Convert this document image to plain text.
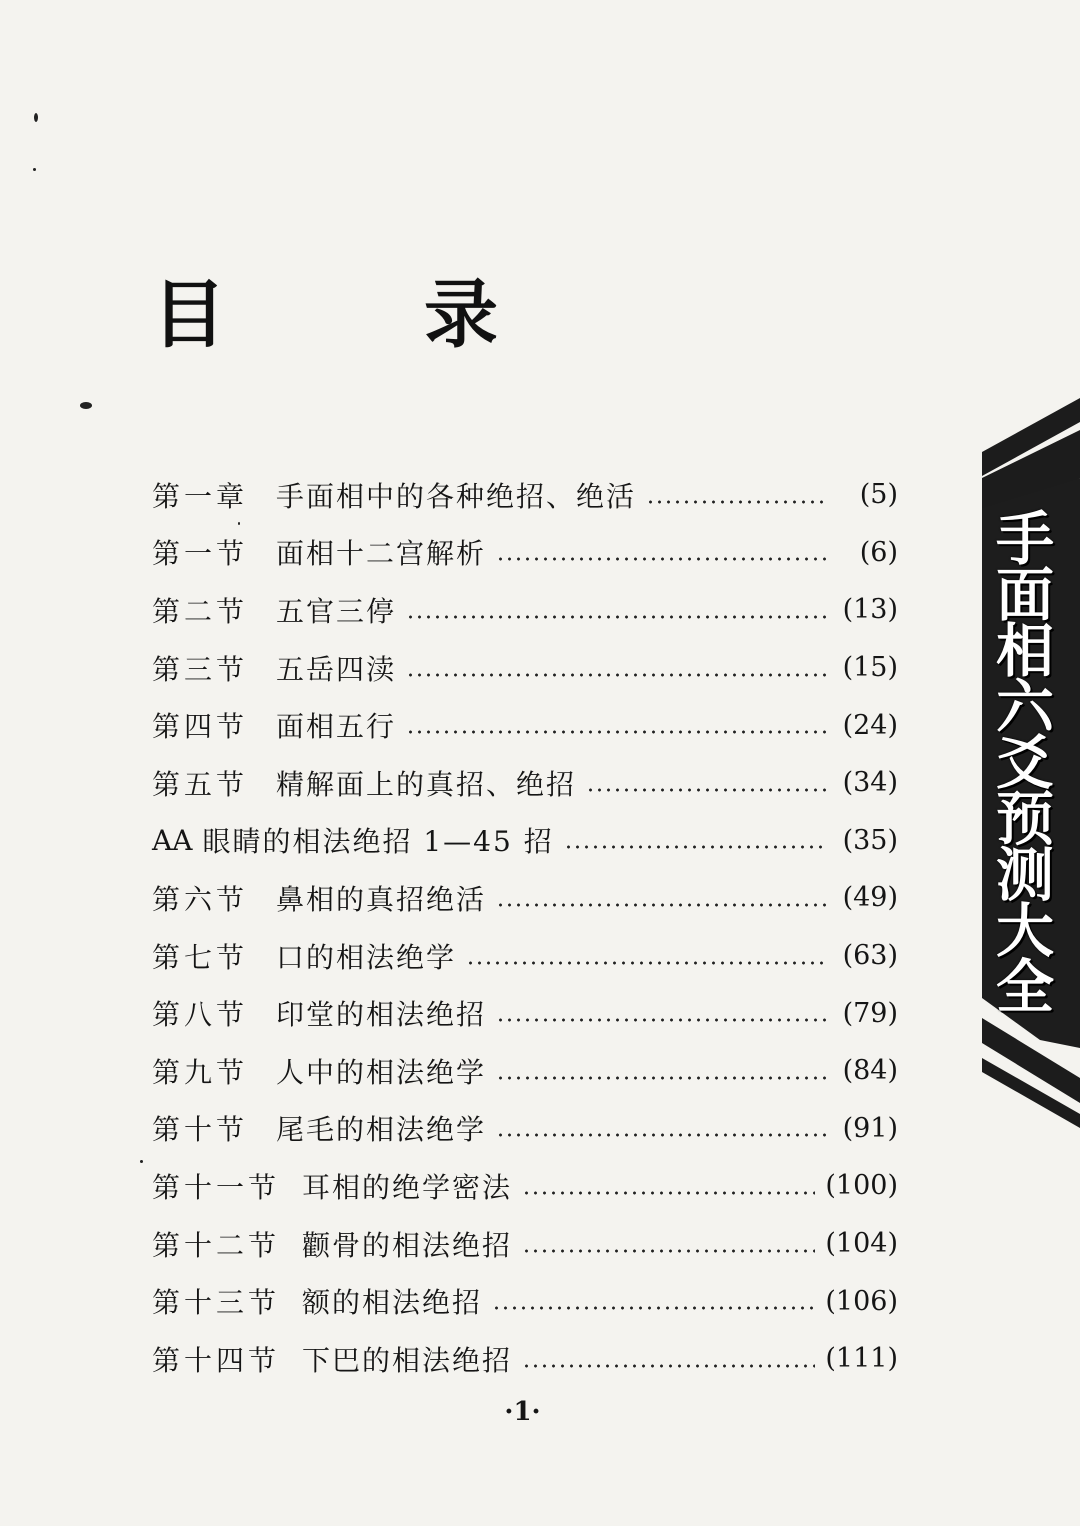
目　录
第一章 手面相中的各种绝招、绝活	(5)
第一节 面相十二宫解析	(6)
第二节 五官三停	(13)
第三节 五岳四渎	(15)
第四节 面相五行	(24)
第五节 精解面上的真招、绝招	(34)
AA 眼睛的相法绝招 1—45 招	(35)
第六节 鼻相的真招绝活	(49)
第七节 口的相法绝学	(63)
第八节 印堂的相法绝招	(79)
第九节 人中的相法绝学	(84)
第十节 尾毛的相法绝学	(91)
第十一节 耳相的绝学密法	(100)
第十二节 颧骨的相法绝招	(104)
第十三节 额的相法绝招	(106)
第十四节 下巴的相法绝招	(111)
手面相六爻预测大全
·1·
